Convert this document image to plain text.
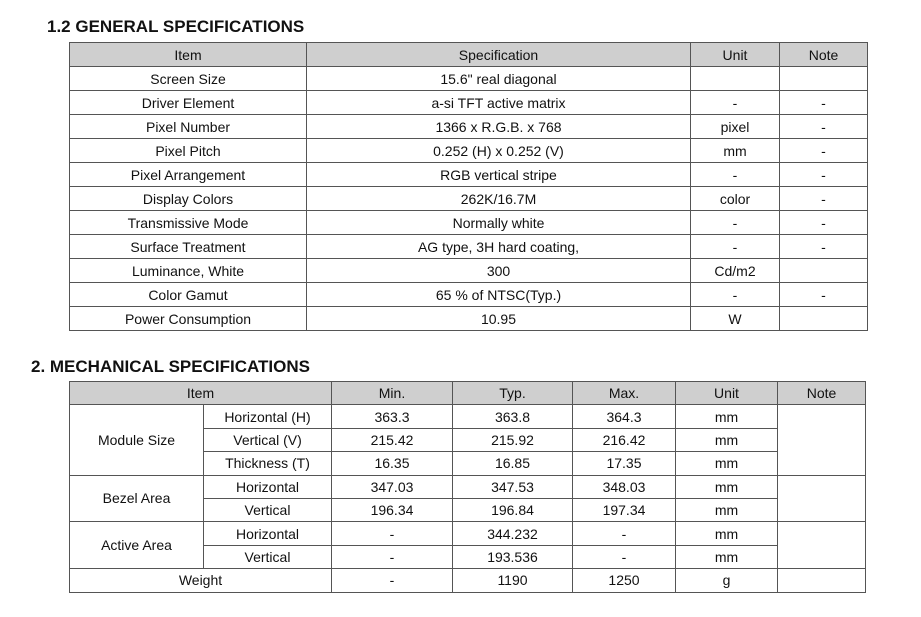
1.2 GENERAL SPECIFICATIONS
Item	Specification	Unit	Note
Screen Size	15.6" real diagonal		
Driver Element	a-si TFT active matrix	-	-
Pixel Number	1366 x R.G.B. x 768	pixel	-
Pixel Pitch	0.252 (H) x 0.252 (V)	mm	-
Pixel Arrangement	RGB vertical stripe	-	-
Display Colors	262K/16.7M	color	-
Transmissive Mode	Normally white	-	-
Surface Treatment	AG type, 3H hard coating,	-	-
Luminance, White	300	Cd/m2	
Color Gamut	65 % of NTSC(Typ.)	-	-
Power Consumption	10.95	W	
2. MECHANICAL SPECIFICATIONS
Item		Min.	Typ.	Max.	Unit	Note
Module Size	Horizontal (H)	363.3	363.8	364.3	mm	
	Vertical (V)	215.42	215.92	216.42	mm	
	Thickness (T)	16.35	16.85	17.35	mm	
Bezel Area	Horizontal	347.03	347.53	348.03	mm	
	Vertical	196.34	196.84	197.34	mm	
Active Area	Horizontal	-	344.232	-	mm	
	Vertical	-	193.536	-	mm	
Weight		-	1190	1250	g	
